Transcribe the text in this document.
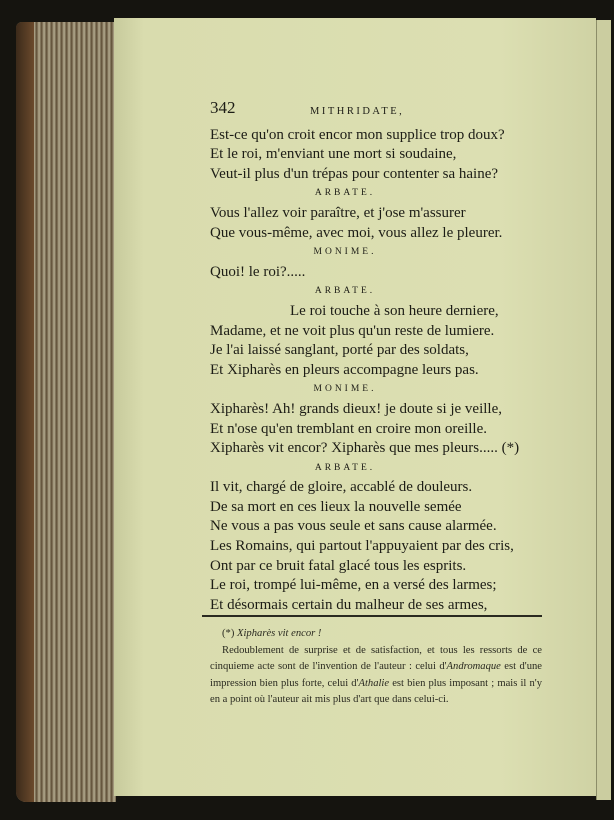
342	MITHRIDATE,
Est-ce qu'on croit encor mon supplice trop doux?
Et le roi, m'enviant une mort si soudaine,
Veut-il plus d'un trépas pour contenter sa haine?
ARBATE.
Vous l'allez voir paraître, et j'ose m'assurer
Que vous-même, avec moi, vous allez le pleurer.
MONIME.
Quoi! le roi?.....
ARBATE.
Le roi touche à son heure derniere,
Madame, et ne voit plus qu'un reste de lumiere.
Je l'ai laissé sanglant, porté par des soldats,
Et Xipharès en pleurs accompagne leurs pas.
MONIME.
Xipharès! Ah! grands dieux! je doute si je veille,
Et n'ose qu'en tremblant en croire mon oreille.
Xipharès vit encor? Xipharès que mes pleurs..... (*)
ARBATE.
Il vit, chargé de gloire, accablé de douleurs.
De sa mort en ces lieux la nouvelle semée
Ne vous a pas vous seule et sans cause alarmée.
Les Romains, qui partout l'appuyaient par des cris,
Ont par ce bruit fatal glacé tous les esprits.
Le roi, trompé lui-même, en a versé des larmes;
Et désormais certain du malheur de ses armes,
(*) Xipharès vit encor !
Redoublement de surprise et de satisfaction, et tous les ressorts de ce cinquieme acte sont de l'invention de l'auteur : celui d'Andromaque est d'une impression bien plus forte, celui d'Athalie est bien plus imposant ; mais il n'y en a point où l'auteur ait mis plus d'art que dans celui-ci.
